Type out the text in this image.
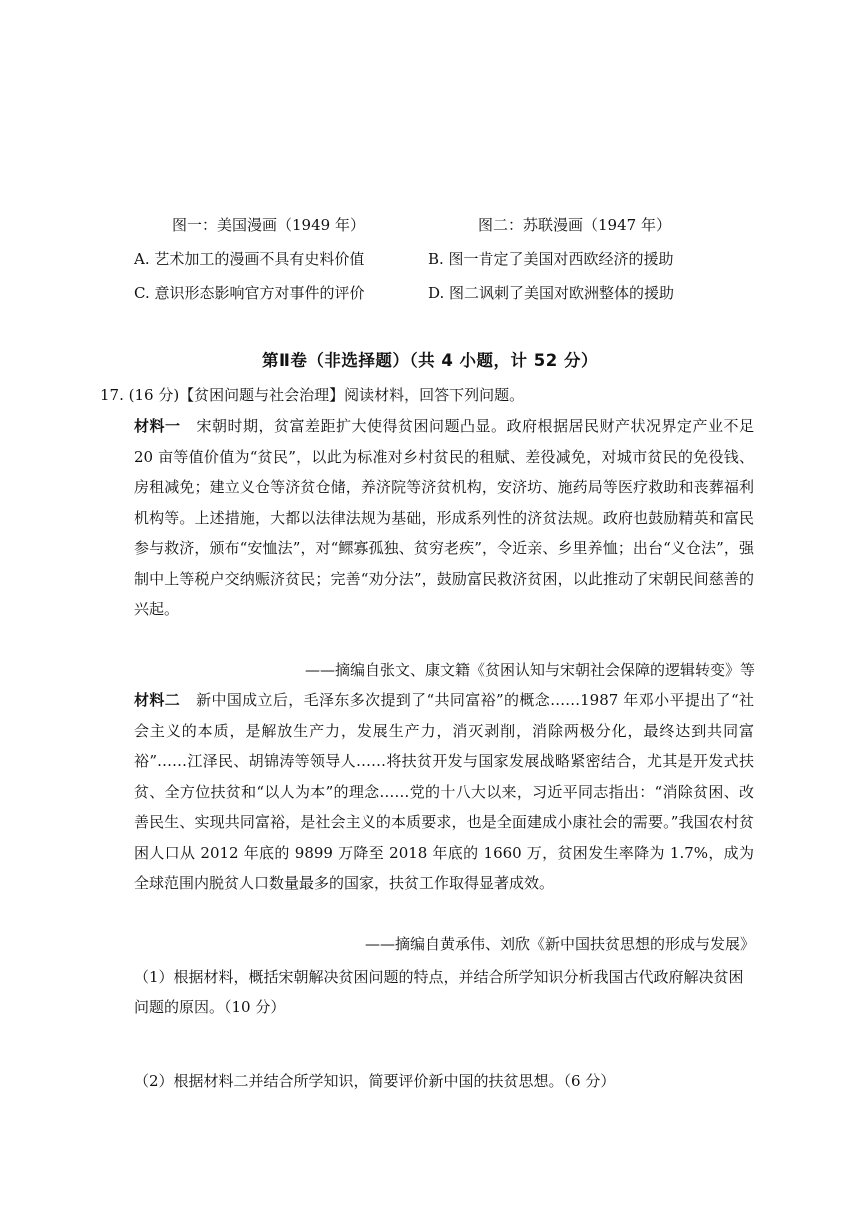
图一：美国漫画（1949 年）	图二：苏联漫画（1947 年）
A. 艺术加工的漫画不具有史料价值	B. 图一肯定了美国对西欧经济的援助
C. 意识形态影响官方对事件的评价	D. 图二讽刺了美国对欧洲整体的援助
第Ⅱ卷（非选择题）（共 4 小题，计 52 分）
17. (16 分)【贫困问题与社会治理】阅读材料，回答下列问题。
材料一 宋朝时期，贫富差距扩大使得贫困问题凸显。政府根据居民财产状况界定产业不足 20 亩等值价值为“贫民”，以此为标准对乡村贫民的租赋、差役减免，对城市贫民的免役钱、房租减免；建立义仓等济贫仓储，养济院等济贫机构，安济坊、施药局等医疗救助和丧葬福利机构等。上述措施，大都以法律法规为基础，形成系列性的济贫法规。政府也鼓励精英和富民参与救济，颁布“安恤法”，对“鳏寡孤独、贫穷老疾”，令近亲、乡里养恤；出台“义仓法”，强制中上等税户交纳赈济贫民；完善“劝分法”，鼓励富民救济贫困，以此推动了宋朝民间慈善的兴起。
——摘编自张文、康文籍《贫困认知与宋朝社会保障的逻辑转变》等
材料二 新中国成立后，毛泽东多次提到了“共同富裕”的概念……1987 年邓小平提出了“社会主义的本质，是解放生产力，发展生产力，消灭剥削，消除两极分化，最终达到共同富裕”……江泽民、胡锦涛等领导人……将扶贫开发与国家发展战略紧密结合，尤其是开发式扶贫、全方位扶贫和“以人为本”的理念……党的十八大以来，习近平同志指出：“消除贫困、改善民生、实现共同富裕，是社会主义的本质要求，也是全面建成小康社会的需要。”我国农村贫困人口从 2012 年底的 9899 万降至 2018 年底的 1660 万，贫困发生率降为 1.7%，成为全球范围内脱贫人口数量最多的国家，扶贫工作取得显著成效。
——摘编自黄承伟、刘欣《新中国扶贫思想的形成与发展》
（1）根据材料，概括宋朝解决贫困问题的特点，并结合所学知识分析我国古代政府解决贫困问题的原因。（10 分）
（2）根据材料二并结合所学知识，简要评价新中国的扶贫思想。（6 分）
